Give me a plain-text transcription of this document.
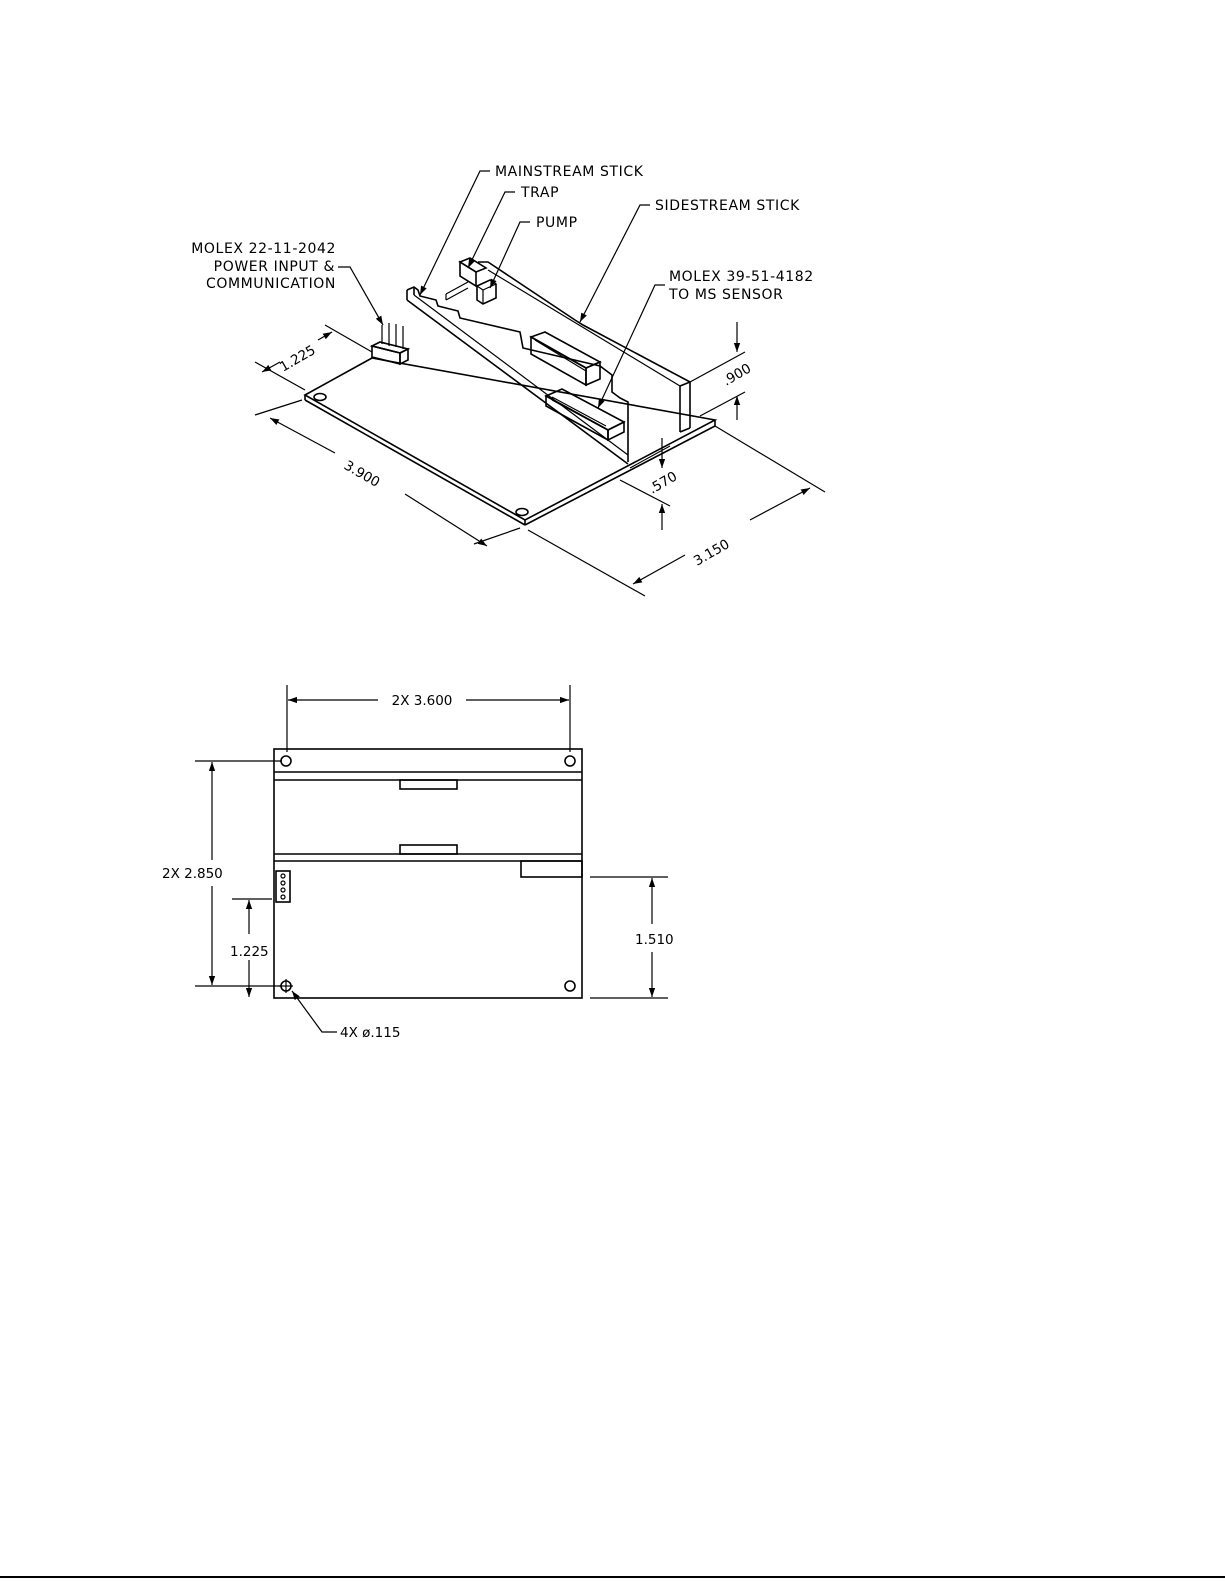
MAINSTREAM STICK
TRAP
PUMP
SIDESTREAM STICK
MOLEX 39-51-4182
TO MS SENSOR
MOLEX 22-11-2042
POWER INPUT &
COMMUNICATION
1.225
3.900
3.150
.900
.570
2X 3.600
2X 2.850
1.225
1.510
4X ø.115
